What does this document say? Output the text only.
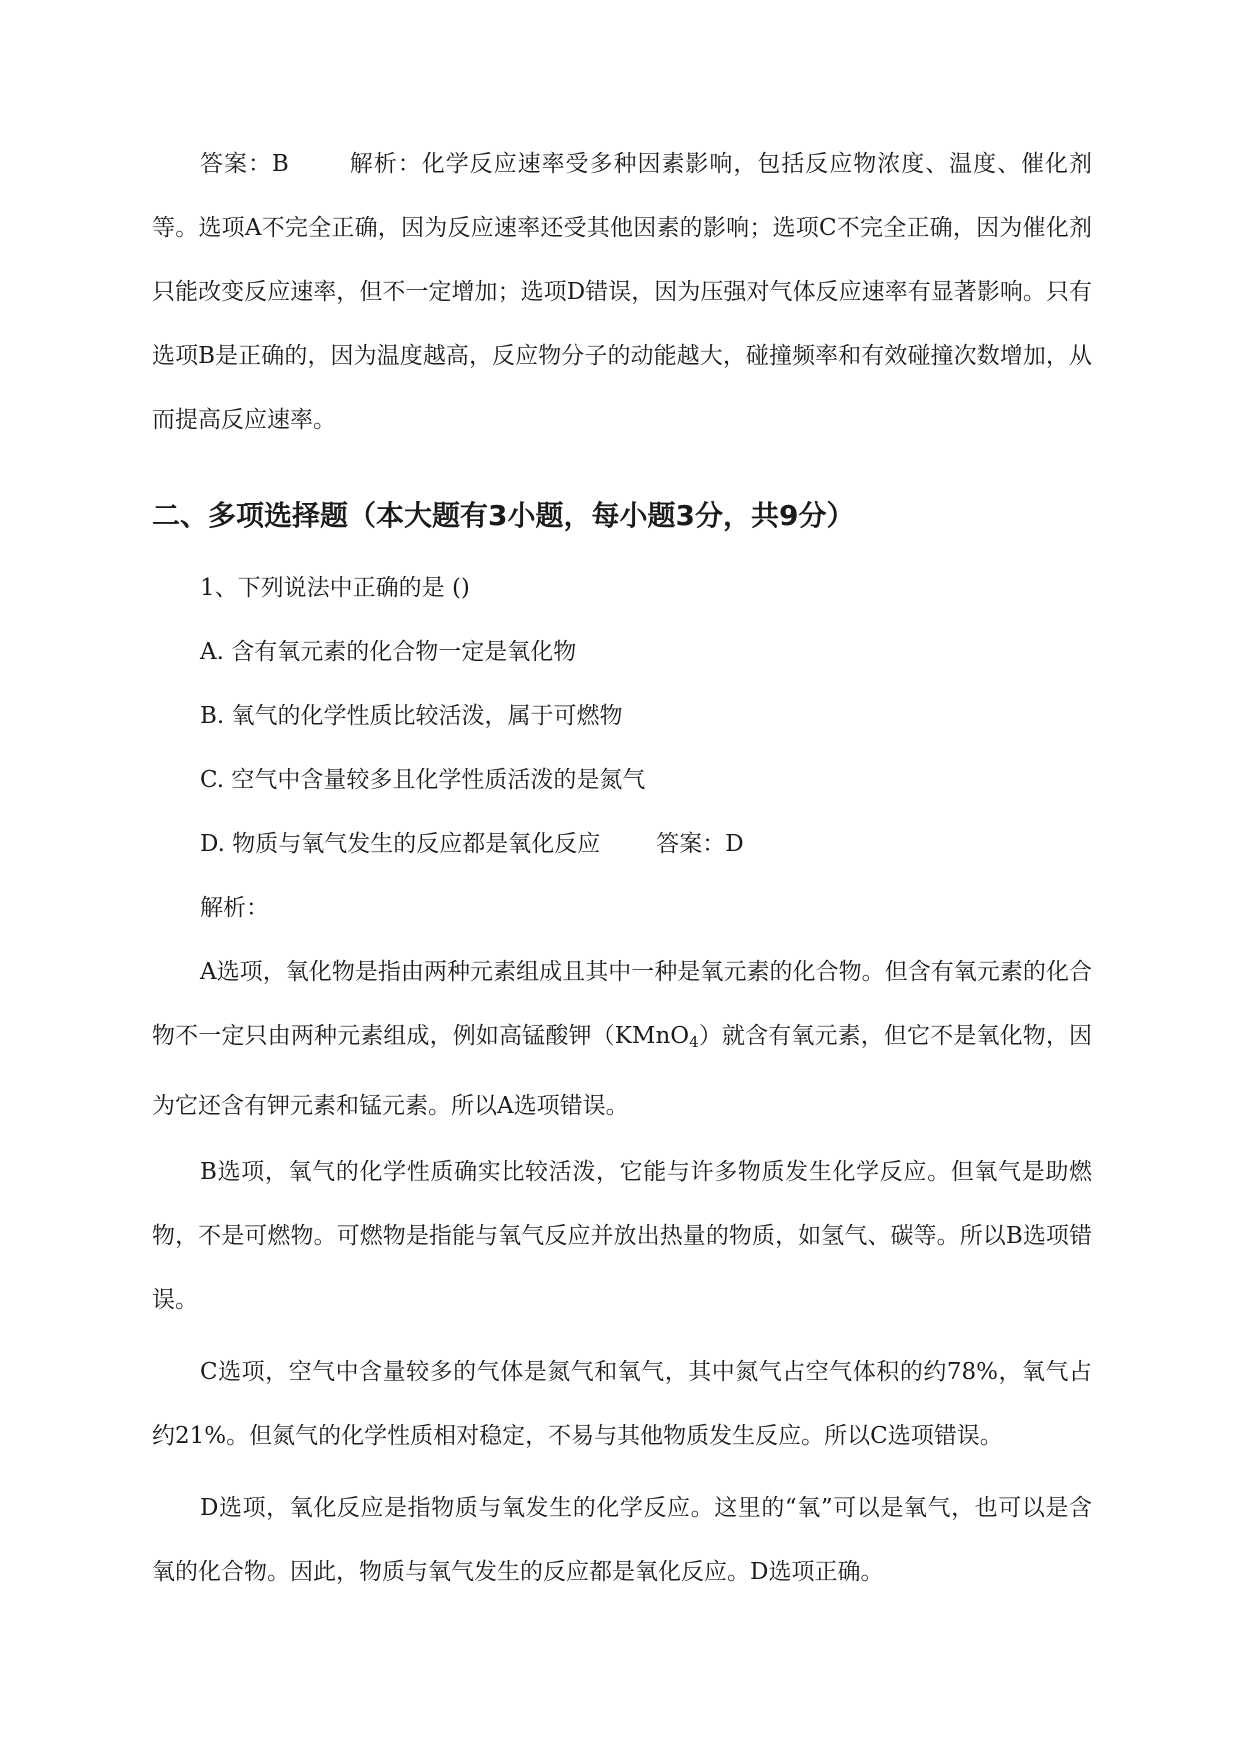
答案：B	解析：化学反应速率受多种因素影响，包括反应物浓度、温度、催化剂等。选项A不完全正确，因为反应速率还受其他因素的影响；选项C不完全正确，因为催化剂只能改变反应速率，但不一定增加；选项D错误，因为压强对气体反应速率有显著影响。只有选项B是正确的，因为温度越高，反应物分子的动能越大，碰撞频率和有效碰撞次数增加，从而提高反应速率。

二、多项选择题（本大题有3小题，每小题3分，共9分）

1、下列说法中正确的是 ()

A. 含有氧元素的化合物一定是氧化物

B. 氧气的化学性质比较活泼，属于可燃物

C. 空气中含量较多且化学性质活泼的是氮气

D. 物质与氧气发生的反应都是氧化反应 答案：D

解析：

A选项，氧化物是指由两种元素组成且其中一种是氧元素的化合物。但含有氧元素的化合物不一定只由两种元素组成，例如高锰酸钾（KMnO$_4$）就含有氧元素，但它不是氧化物，因为它还含有钾元素和锰元素。所以A选项错误。

B选项，氧气的化学性质确实比较活泼，它能与许多物质发生化学反应。但氧气是助燃物，不是可燃物。可燃物是指能与氧气反应并放出热量的物质，如氢气、碳等。所以B选项错误。

C选项，空气中含量较多的气体是氮气和氧气，其中氮气占空气体积的约78%，氧气占约21%。但氮气的化学性质相对稳定，不易与其他物质发生反应。所以C选项错误。

D选项，氧化反应是指物质与氧发生的化学反应。这里的“氧”可以是氧气，也可以是含氧的化合物。因此，物质与氧气发生的反应都是氧化反应。D选项正确。
